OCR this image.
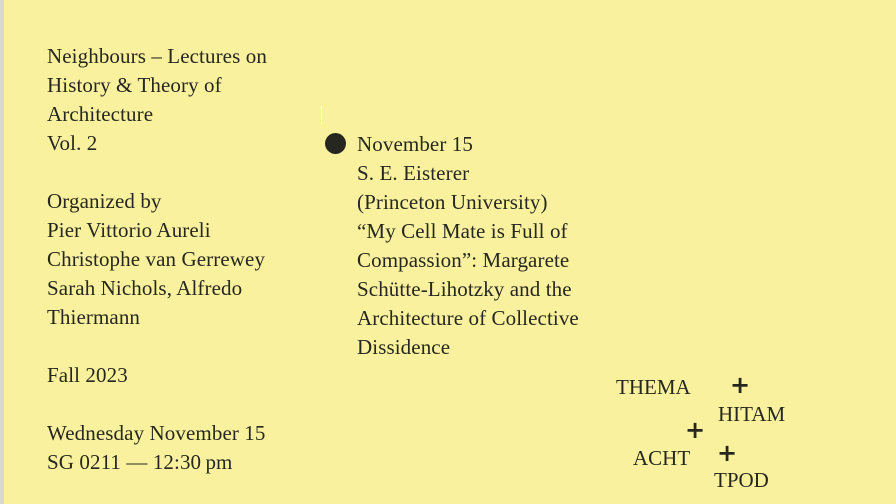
Neighbours – Lectures on
History & Theory of
Architecture
Vol. 2
Organized by
Pier Vittorio Aureli
Christophe van Gerrewey
Sarah Nichols, Alfredo
Thiermann
Fall 2023
Wednesday November 15
SG 0211 — 12:30 pm
November 15
S. E. Eisterer
(Princeton University)
“My Cell Mate is Full of
Compassion”: Margarete
Schütte-Lihotzky and the
Architecture of Collective
Dissidence
THEMA +
HITAM
+
ACHT +
TPOD
